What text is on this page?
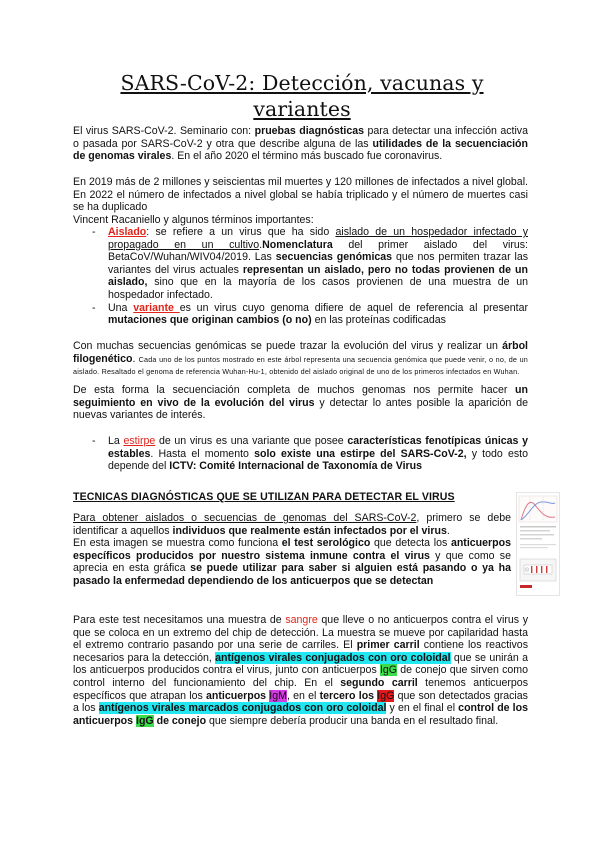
SARS-CoV-2: Detección, vacunas y variantes

El virus SARS-CoV-2. Seminario con: pruebas diagnósticas para detectar una infección activa o pasada por SARS-CoV-2 y otra que describe alguna de las utilidades de la secuenciación de genomas virales. En el año 2020 el término más buscado fue coronavirus.

En 2019 más de 2 millones y seiscientas mil muertes y 120 millones de infectados a nivel global. En 2022 el número de infectados a nivel global se había triplicado y el número de muertes casi se ha duplicado

Vincent Racaniello y algunos términos importantes:

- Aislado: se refiere a un virus que ha sido aislado de un hospedador infectado y propagado en un cultivo.Nomenclatura del primer aislado del virus: BetaCoV/Wuhan/WIV04/2019. Las secuencias genómicas que nos permiten trazar las variantes del virus actuales representan un aislado, pero no todas provienen de un aislado, sino que en la mayoría de los casos provienen de una muestra de un hospedador infectado.
- Una variante es un virus cuyo genoma difiere de aquel de referencia al presentar mutaciones que originan cambios (o no) en las proteínas codificadas

Con muchas secuencias genómicas se puede trazar la evolución del virus y realizar un árbol filogenético. Cada uno de los puntos mostrado en este árbol representa una secuencia genómica que puede venir, o no, de un aislado. Resaltado el genoma de referencia Wuhan-Hu-1, obtenido del aislado original de uno de los primeros infectados en Wuhan.

De esta forma la secuenciación completa de muchos genomas nos permite hacer un seguimiento en vivo de la evolución del virus y detectar lo antes posible la aparición de nuevas variantes de interés.

- La estirpe de un virus es una variante que posee características fenotípicas únicas y estables. Hasta el momento solo existe una estirpe del SARS-CoV-2, y todo esto depende del ICTV: Comité Internacional de Taxonomía de Virus
TECNICAS DIAGNÓSTICAS QUE SE UTILIZAN PARA DETECTAR EL VIRUS

Para obtener aislados o secuencias de genomas del SARS-CoV-2, primero se debe identificar a aquellos individuos que realmente están infectados por el virus.

En esta imagen se muestra como funciona el test serológico que detecta los anticuerpos específicos producidos por nuestro sistema inmune contra el virus y que como se aprecia en esta gráfica se puede utilizar para saber si alguien está pasando o ya ha pasado la enfermedad dependiendo de los anticuerpos que se detectan

Para este test necesitamos una muestra de sangre que lleve o no anticuerpos contra el virus y que se coloca en un extremo del chip de detección. La muestra se mueve por capilaridad hasta el extremo contrario pasando por una serie de carriles. El primer carril contiene los reactivos necesarios para la detección, antígenos virales conjugados con oro coloidal que se unirán a los anticuerpos producidos contra el virus, junto con anticuerpos IgG de conejo que sirven como control interno del funcionamiento del chip. En el segundo carril tenemos anticuerpos específicos que atrapan los anticuerpos IgM, en el tercero los IgG que son detectados gracias a los antígenos virales marcados conjugados con oro coloidal y en el final el control de los anticuerpos IgG de conejo que siempre debería producir una banda en el resultado final.
